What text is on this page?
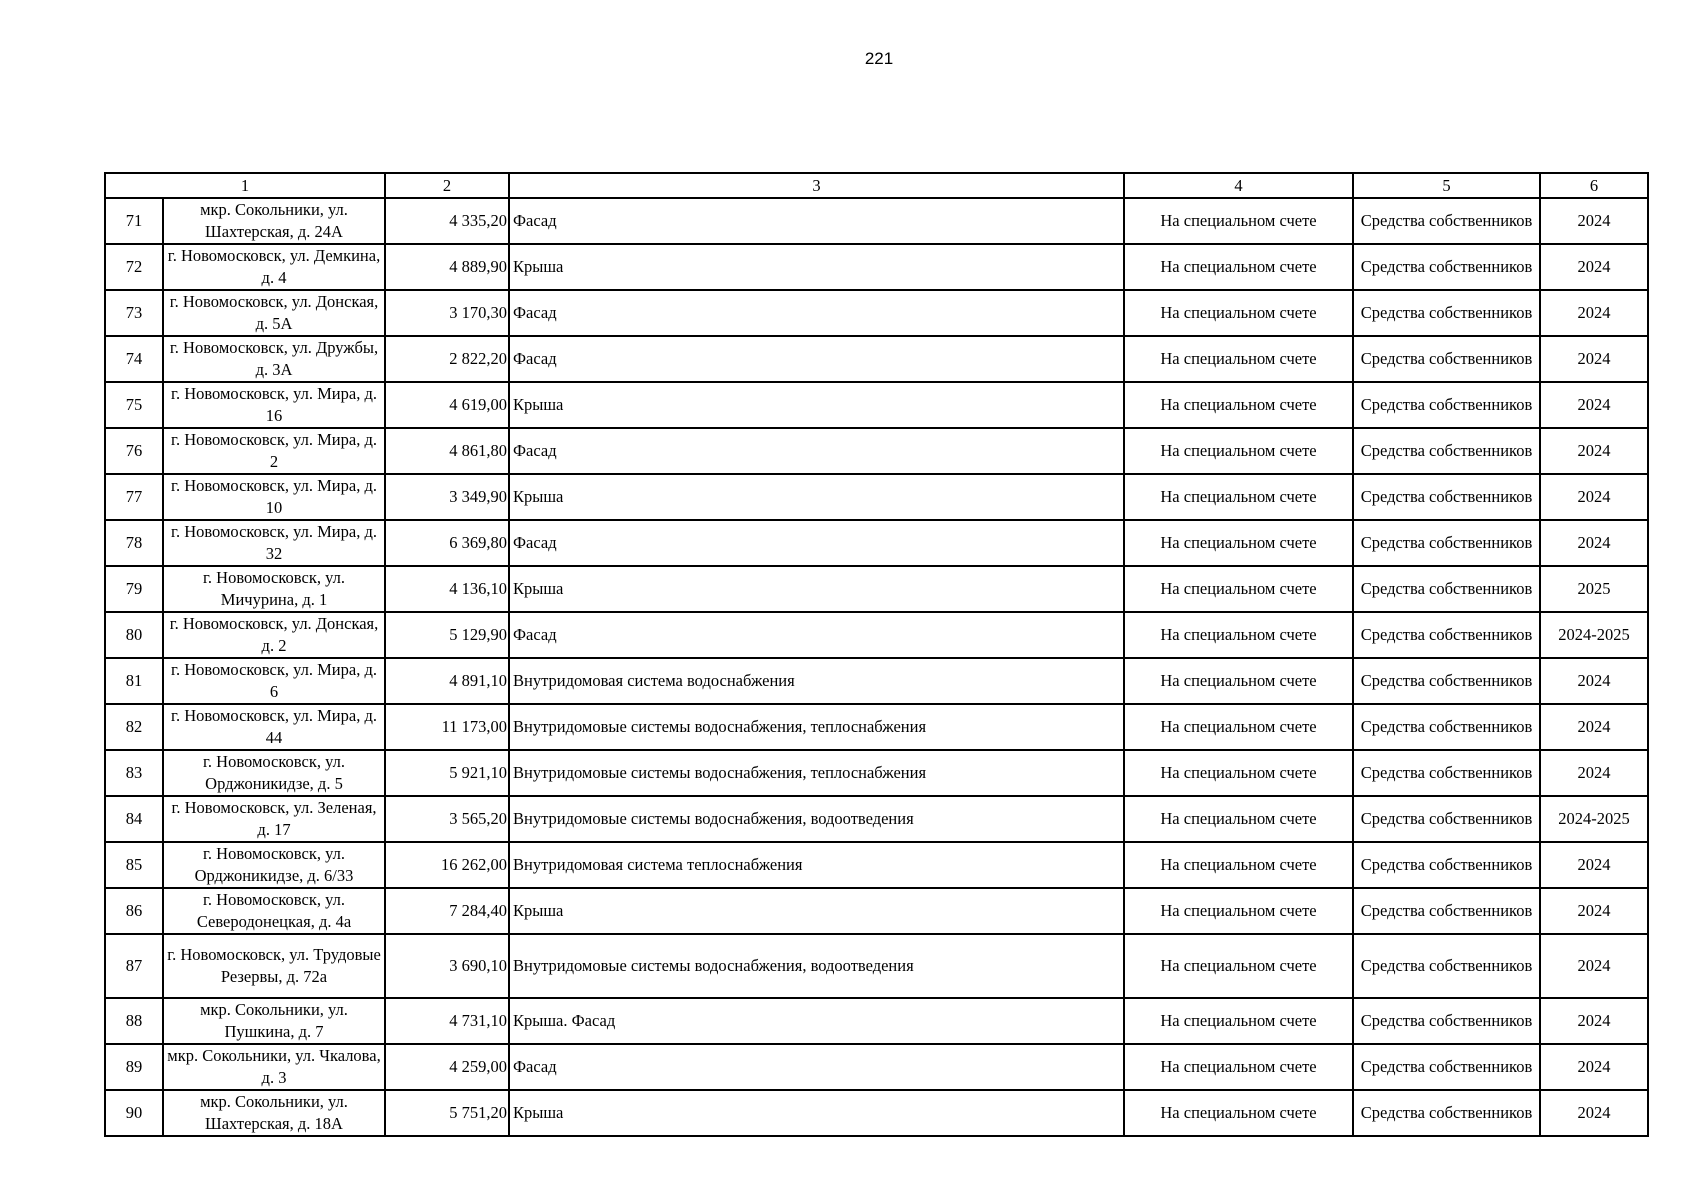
221
1		2	3	4	5	6
71	мкр. Сокольники, ул. Шахтерская, д. 24А	4 335,20	Фасад	На специальном счете	Средства собственников	2024
72	г. Новомосковск, ул. Демкина, д. 4	4 889,90	Крыша	На специальном счете	Средства собственников	2024
73	г. Новомосковск, ул. Донская, д. 5А	3 170,30	Фасад	На специальном счете	Средства собственников	2024
74	г. Новомосковск, ул. Дружбы, д. 3А	2 822,20	Фасад	На специальном счете	Средства собственников	2024
75	г. Новомосковск, ул. Мира, д. 16	4 619,00	Крыша	На специальном счете	Средства собственников	2024
76	г. Новомосковск, ул. Мира, д. 2	4 861,80	Фасад	На специальном счете	Средства собственников	2024
77	г. Новомосковск, ул. Мира, д. 10	3 349,90	Крыша	На специальном счете	Средства собственников	2024
78	г. Новомосковск, ул. Мира, д. 32	6 369,80	Фасад	На специальном счете	Средства собственников	2024
79	г. Новомосковск, ул. Мичурина, д. 1	4 136,10	Крыша	На специальном счете	Средства собственников	2025
80	г. Новомосковск, ул. Донская, д. 2	5 129,90	Фасад	На специальном счете	Средства собственников	2024-2025
81	г. Новомосковск, ул. Мира, д. 6	4 891,10	Внутридомовая система водоснабжения	На специальном счете	Средства собственников	2024
82	г. Новомосковск, ул. Мира, д. 44	11 173,00	Внутридомовые системы водоснабжения, теплоснабжения	На специальном счете	Средства собственников	2024
83	г. Новомосковск, ул. Орджоникидзе, д. 5	5 921,10	Внутридомовые системы водоснабжения, теплоснабжения	На специальном счете	Средства собственников	2024
84	г. Новомосковск, ул. Зеленая, д. 17	3 565,20	Внутридомовые системы водоснабжения, водоотведения	На специальном счете	Средства собственников	2024-2025
85	г. Новомосковск, ул. Орджоникидзе, д. 6/33	16 262,00	Внутридомовая система теплоснабжения	На специальном счете	Средства собственников	2024
86	г. Новомосковск, ул. Северодонецкая, д. 4а	7 284,40	Крыша	На специальном счете	Средства собственников	2024
87	г. Новомосковск, ул. Трудовые Резервы, д. 72а	3 690,10	Внутридомовые системы водоснабжения, водоотведения	На специальном счете	Средства собственников	2024
88	мкр. Сокольники, ул. Пушкина, д. 7	4 731,10	Крыша. Фасад	На специальном счете	Средства собственников	2024
89	мкр. Сокольники, ул. Чкалова, д. 3	4 259,00	Фасад	На специальном счете	Средства собственников	2024
90	мкр. Сокольники, ул. Шахтерская, д. 18А	5 751,20	Крыша	На специальном счете	Средства собственников	2024
